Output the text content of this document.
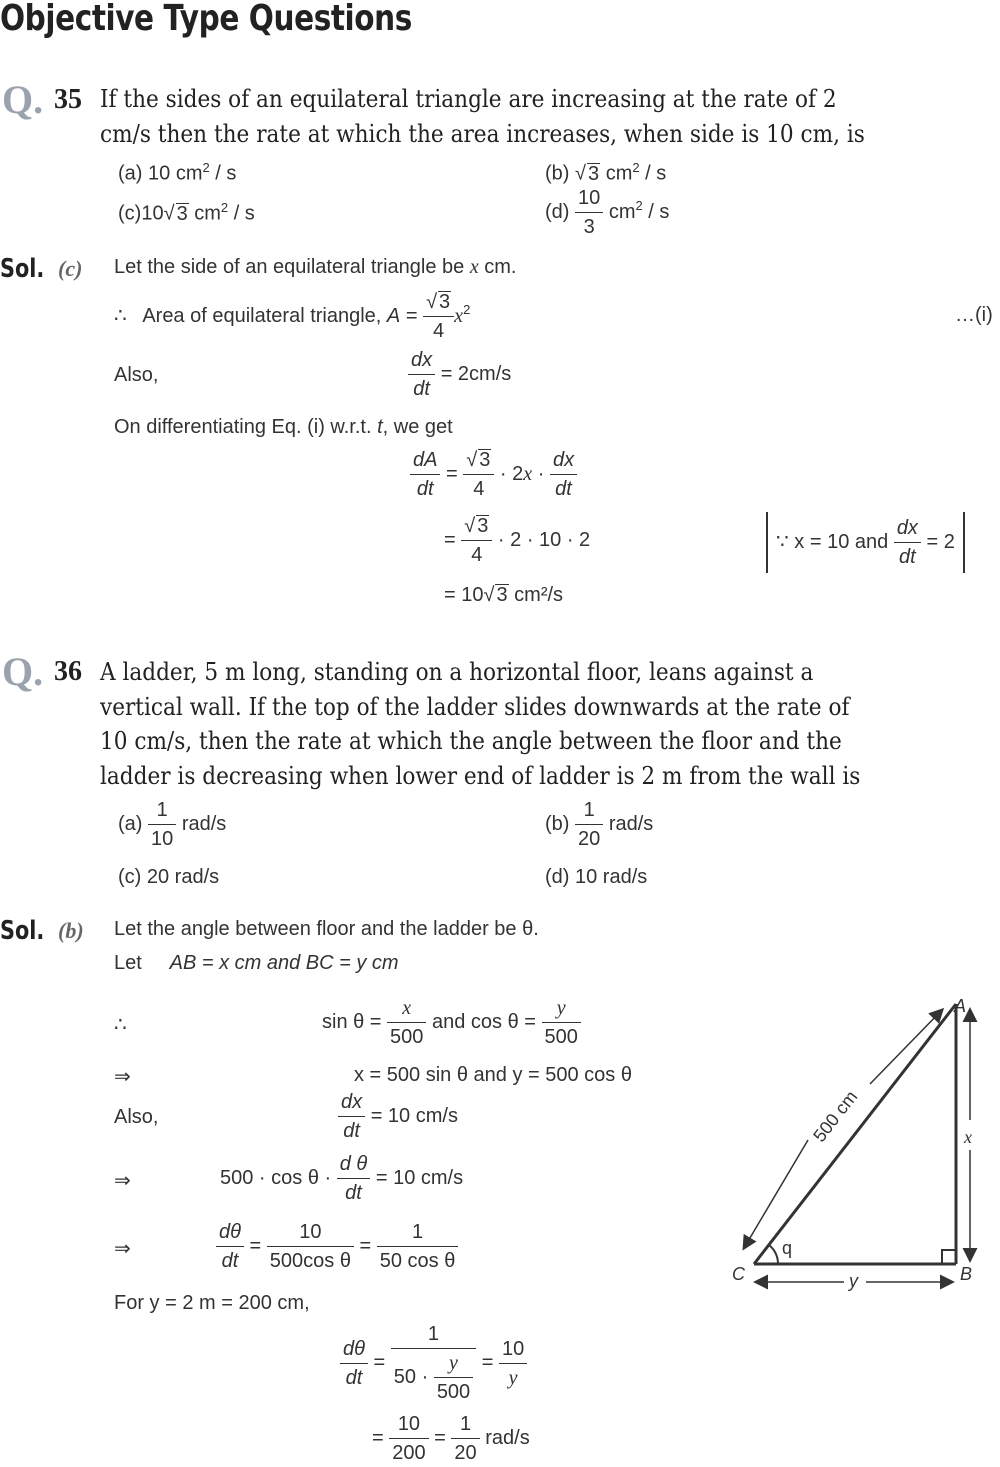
Objective Type Questions
Q. 35 If the sides of an equilateral triangle are increasing at the rate of 2
cm/s then the rate at which the area increases, when side is 10 cm, is
(a) 10 $cm^2$ / s	(b) √ 3 $cm^2$ / s
(c)10√ 3 $cm^2$ / s	$(d) \frac{10}{3} cm^2$ / s
Sol. (c) Let the side of an equilateral triangle be x cm.
∴ Area of equilateral triangle, $A = \frac{√ 3}{4} x^2$	…(i)
Also,	$\frac{dx}{dt} = 2cm/s$
On differentiating Eq. (i) w.r.t. t, we get
$\frac{dA}{dt} = \frac{√ 3}{4} \cdot 2x \cdot \frac{dx}{dt}$
= $\frac{√ 3}{4} \cdot 2 \cdot 10 \cdot 2$	∵ x = 10 and $\frac{dx}{dt} = 2$
= 10√ 3 cm²/s
Q. 36 A ladder, 5 m long, standing on a horizontal floor, leans against a
vertical wall. If the top of the ladder slides downwards at the rate of
10 cm/s, then the rate at which the angle between the floor and the
ladder is decreasing when lower end of ladder is 2 m from the wall is
$(a) \frac{1}{10} rad/s$	$(b) \frac{1}{20} rad/s$
(c) 20 rad/s	(d) 10 rad/s
Sol. (b) Let the angle between floor and the ladder be θ.
Let AB = x cm and BC = y cm
∴	$\sin \theta = \frac{x}{500}$ and $\cos \theta = \frac{y}{500}$
⇒	x = 500 sin θ and y = 500 cos θ
Also,	$\frac{dx}{dt} = 10$ cm/s
⇒	$500 \cdot \cos \theta \cdot \frac{\text{d θ}}{dt} = 10$ cm/s
⇒	$\frac{d\theta}{dt} = \frac{10}{\text{500cos θ}} = \frac{1}{\text{50 cos θ}}$
For y = 2 m = 200 cm,
$\frac{d\theta}{dt} = \frac{1}{50 \cdot \frac{y}{500}} = \frac{10}{y}$
= $\frac{10}{200} = \frac{1}{20} rad/s$
500 cm	x
y
q
A
B
C
